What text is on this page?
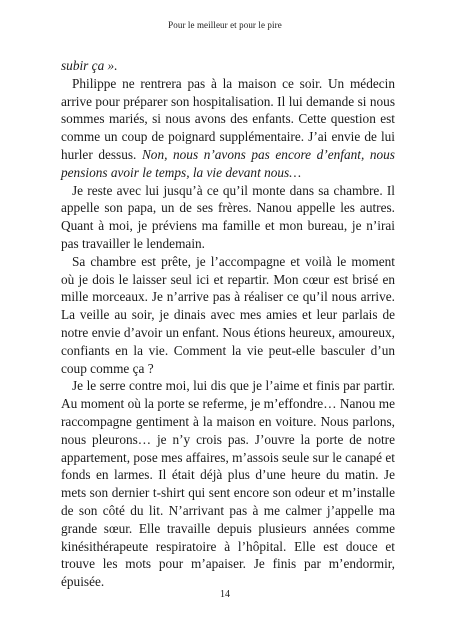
Pour le meilleur et pour le pire

subir ça ».

Philippe ne rentrera pas à la maison ce soir. Un médecin arrive pour préparer son hospitalisation. Il lui demande si nous sommes mariés, si nous avons des enfants. Cette question est comme un coup de poignard supplémentaire. J’ai envie de lui hurler dessus. Non, nous n’avons pas encore d’enfant, nous pensions avoir le temps, la vie devant nous…

Je reste avec lui jusqu’à ce qu’il monte dans sa chambre. Il appelle son papa, un de ses frères. Nanou appelle les autres. Quant à moi, je préviens ma famille et mon bureau, je n’irai pas travailler le lendemain.

Sa chambre est prête, je l’accompagne et voilà le moment où je dois le laisser seul ici et repartir. Mon cœur est brisé en mille morceaux. Je n’arrive pas à réaliser ce qu’il nous arrive. La veille au soir, je dinais avec mes amies et leur parlais de notre envie d’avoir un enfant. Nous étions heureux, amoureux, confiants en la vie. Comment la vie peut-elle basculer d’un coup comme ça ?

Je le serre contre moi, lui dis que je l’aime et finis par partir. Au moment où la porte se referme, je m’effondre… Nanou me raccompagne gentiment à la maison en voiture. Nous parlons, nous pleurons… je n’y crois pas. J’ouvre la porte de notre appartement, pose mes affaires, m’assois seule sur le canapé et fonds en larmes. Il était déjà plus d’une heure du matin. Je mets son dernier t-shirt qui sent encore son odeur et m’installe de son côté du lit. N’arrivant pas à me calmer j’appelle ma grande sœur. Elle travaille depuis plusieurs années comme kinésithérapeute respiratoire à l’hôpital. Elle est douce et trouve les mots pour m’apaiser. Je finis par m’endormir, épuisée.

14
